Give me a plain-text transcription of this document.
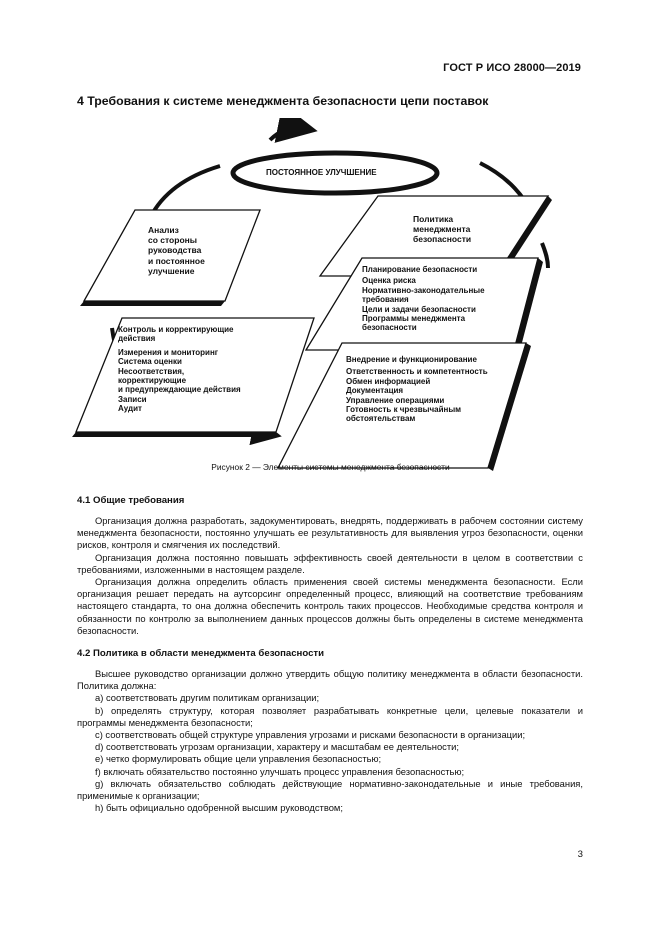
ГОСТ Р ИСО 28000—2019
4 Требования к системе менеджмента безопасности цепи поставок
ПОСТОЯННОЕ УЛУЧШЕНИЕ
Анализ
со стороны
руководства
и постоянное
улучшение
Политика
менеджмента
безопасности
Планирование безопасности
Оценка риска
Нормативно-законодательные
требования
Цели и задачи безопасности
Программы менеджмента
безопасности
Контроль и корректирующие
действия
Измерения и мониторинг
Система оценки
Несоответствия,
корректирующие
и предупреждающие действия
Записи
Аудит
Внедрение и функционирование
Ответственность и компетентность
Обмен информацией
Документация
Управление операциями
Готовность к чрезвычайным
обстоятельствам
Рисунок 2 — Элементы системы менеджмента безопасности
4.1 Общие требования

Организация должна разработать, задокументировать, внедрять, поддерживать в рабочем состоянии систему менеджмента безопасности, постоянно улучшать ее результативность для выявления угроз безопасности, оценки рисков, контроля и смягчения их последствий.

Организация должна постоянно повышать эффективность своей деятельности в целом в соответствии с требованиями, изложенными в настоящем разделе.

Организация должна определить область применения своей системы менеджмента безопасности. Если организация решает передать на аутсорсинг определенный процесс, влияющий на соответствие требованиям настоящего стандарта, то она должна обеспечить контроль таких процессов. Необходимые средства контроля и обязанности по контролю за выполнением данных процессов должны быть определены в системе менеджмента безопасности.

4.2 Политика в области менеджмента безопасности

Высшее руководство организации должно утвердить общую политику менеджмента в области безопасности. Политика должна:

a) соответствовать другим политикам организации;

b) определять структуру, которая позволяет разрабатывать конкретные цели, целевые показатели и программы менеджмента безопасности;

c) соответствовать общей структуре управления угрозами и рисками безопасности в организации;

d) соответствовать угрозам организации, характеру и масштабам ее деятельности;

e) четко формулировать общие цели управления безопасностью;

f) включать обязательство постоянно улучшать процесс управления безопасностью;

g) включать обязательство соблюдать действующие нормативно-законодательные и иные требования, применимые к организации;

h) быть официально одобренной высшим руководством;

3
